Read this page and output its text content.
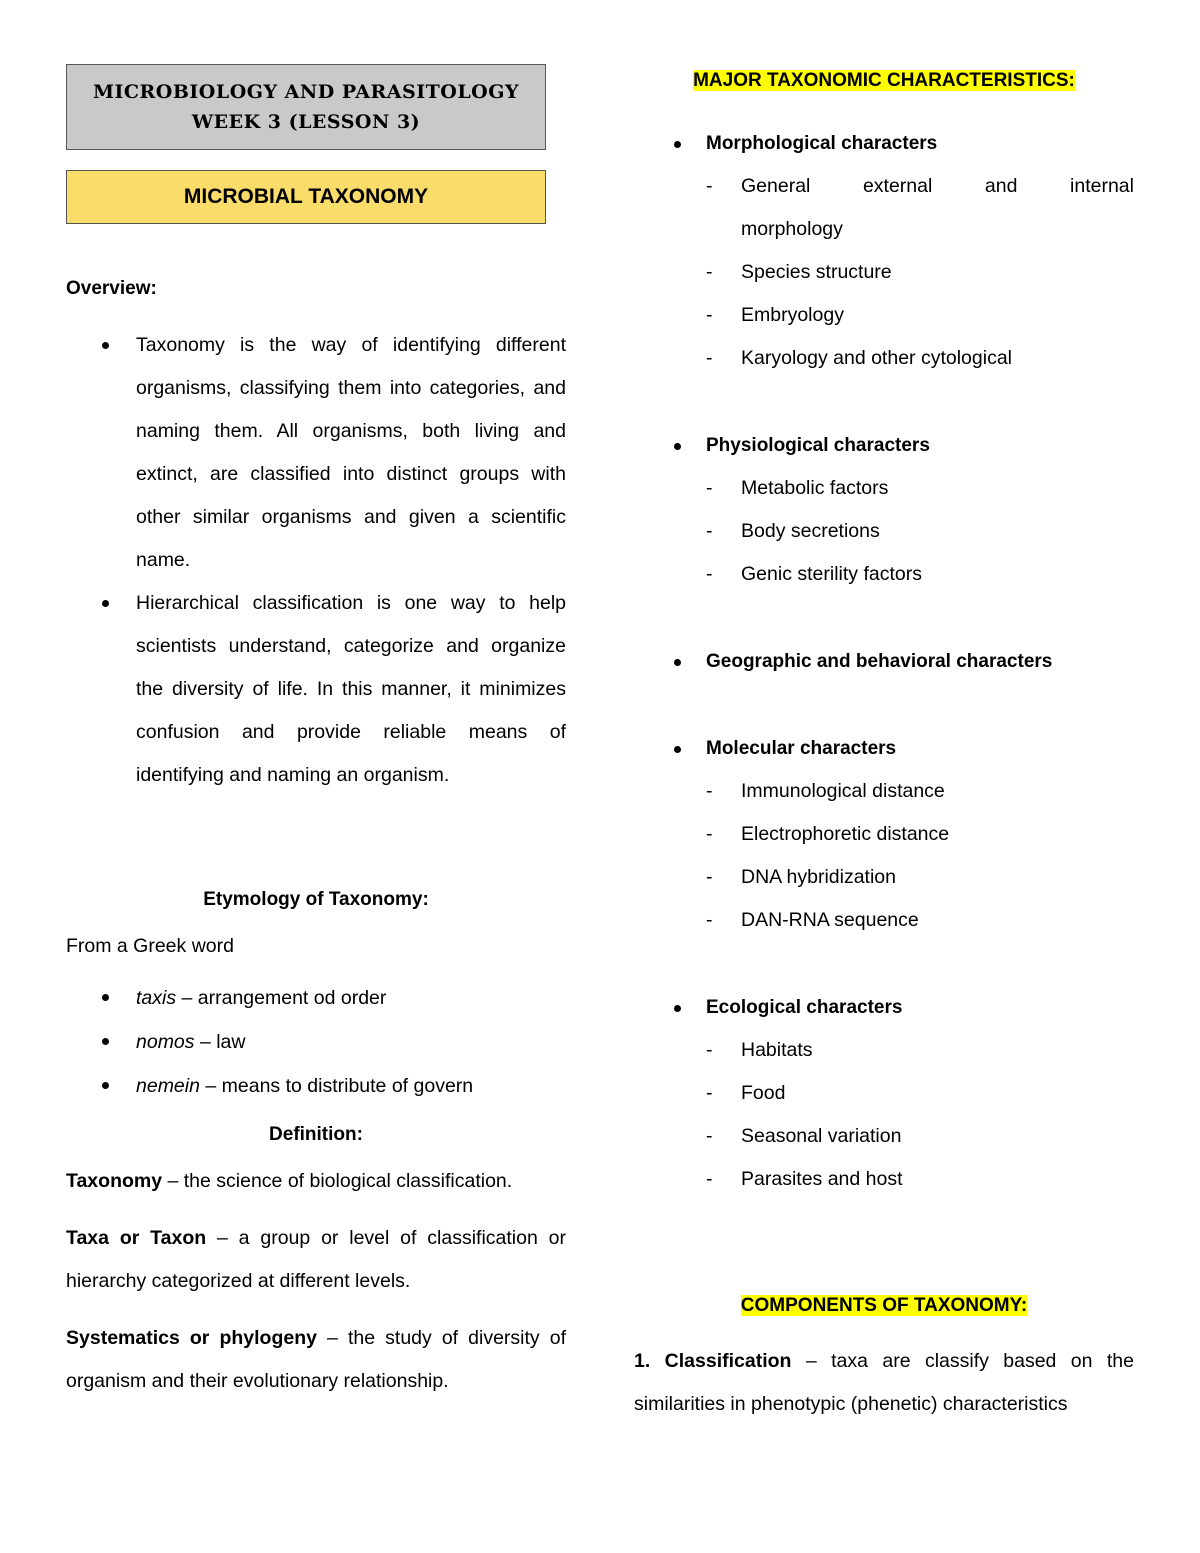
MICROBIOLOGY AND PARASITOLOGY
WEEK 3 (LESSON 3)
MICROBIAL TAXONOMY
Overview:
Taxonomy is the way of identifying different organisms, classifying them into categories, and naming them. All organisms, both living and extinct, are classified into distinct groups with other similar organisms and given a scientific name.
Hierarchical classification is one way to help scientists understand, categorize and organize the diversity of life. In this manner, it minimizes confusion and provide reliable means of identifying and naming an organism.
Etymology of Taxonomy:
From a Greek word
taxis – arrangement od order
nomos – law
nemein – means to distribute of govern
Definition:

Taxonomy – the science of biological classification.

Taxa or Taxon – a group or level of classification or hierarchy categorized at different levels.

Systematics or phylogeny – the study of diversity of organism and their evolutionary relationship.

MAJOR TAXONOMIC CHARACTERISTICS:
Morphological characters
- General	external	and	internal
morphology
- Species structure
- Embryology
- Karyology and other cytological
Physiological characters
- Metabolic factors
- Body secretions
- Genic sterility factors
Geographic and behavioral characters
Molecular characters
- Immunological distance
- Electrophoretic distance
- DNA hybridization
- DAN-RNA sequence
Ecological characters
- Habitats
- Food
- Seasonal variation
- Parasites and host
COMPONENTS OF TAXONOMY:

1. Classification – taxa are classify based on the similarities in phenotypic (phenetic) characteristics
